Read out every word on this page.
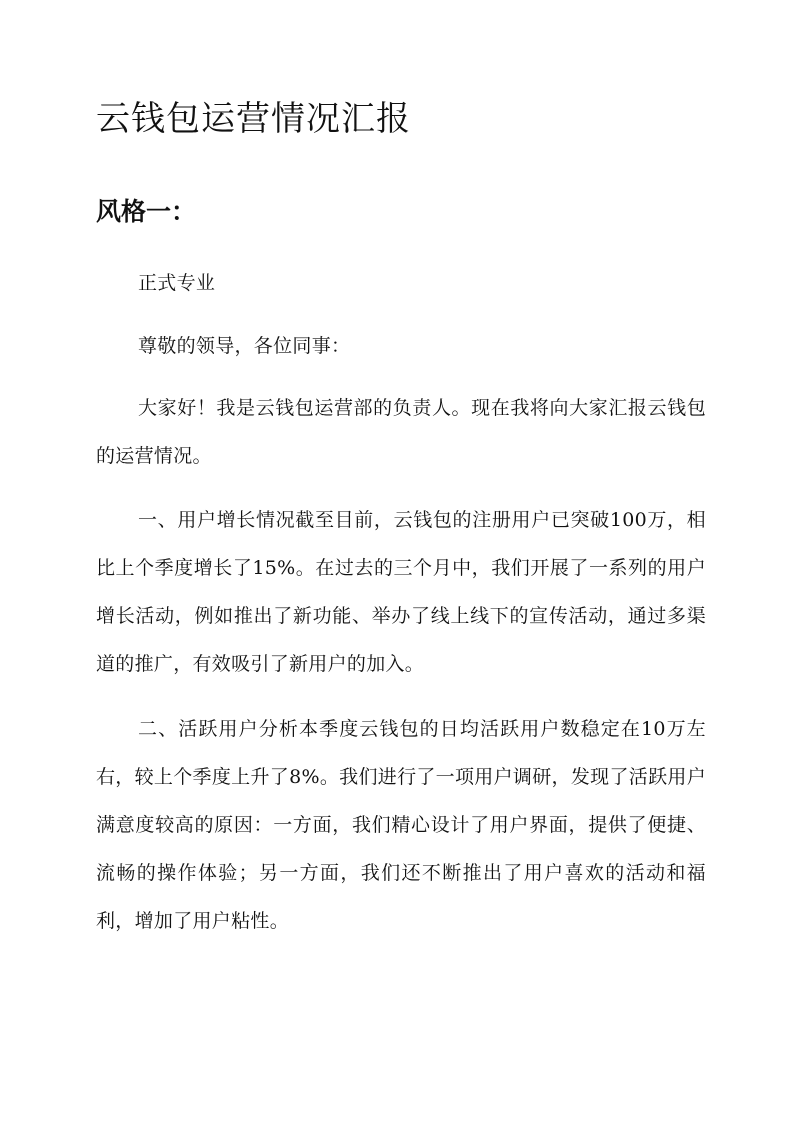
云钱包运营情况汇报
风格一：

正式专业

尊敬的领导，各位同事：

大家好！我是云钱包运营部的负责人。现在我将向大家汇报云钱包的运营情况。

一、用户增长情况截至目前，云钱包的注册用户已突破100万，相比上个季度增长了15%。在过去的三个月中，我们开展了一系列的用户增长活动，例如推出了新功能、举办了线上线下的宣传活动，通过多渠道的推广，有效吸引了新用户的加入。

二、活跃用户分析本季度云钱包的日均活跃用户数稳定在10万左右，较上个季度上升了8%。我们进行了一项用户调研，发现了活跃用户满意度较高的原因：一方面，我们精心设计了用户界面，提供了便捷、流畅的操作体验；另一方面，我们还不断推出了用户喜欢的活动和福利，增加了用户粘性。
